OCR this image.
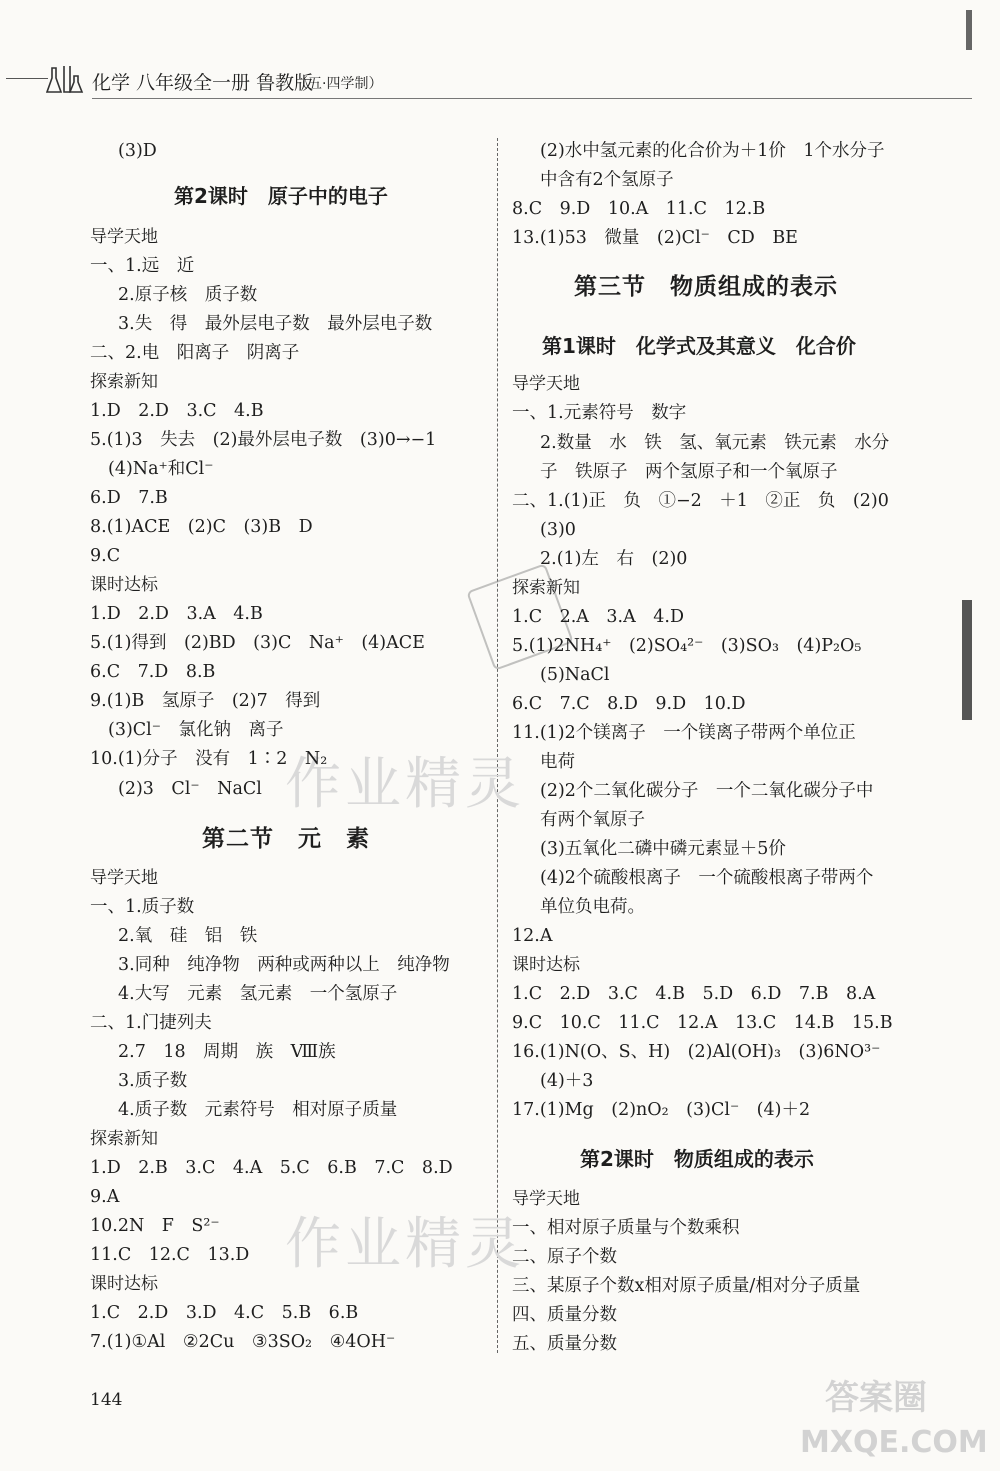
化学 八年级全一册 鲁教版
（五·四学制）
作业精灵
作业精灵
答案圈
MXQE.COM
(3)D
第2课时　原子中的电子
导学天地
一、1.远　近
2.原子核　质子数
3.失　得　最外层电子数　最外层电子数
二、2.电　阳离子　阴离子
探索新知
1.D　2.D　3.C　4.B
5.(1)3　失去　(2)最外层电子数　(3)0→−1
(4)Na⁺和Cl⁻
6.D　7.B
8.(1)ACE　(2)C　(3)B　D
9.C
课时达标
1.D　2.D　3.A　4.B
5.(1)得到　(2)BD　(3)C　Na⁺　(4)ACE
6.C　7.D　8.B
9.(1)B　氢原子　(2)7　得到
(3)Cl⁻　氯化钠　离子
10.(1)分子　没有　1∶2　N₂
(2)3　Cl⁻　NaCl
第二节　元　素
导学天地
一、1.质子数
2.氧　硅　铝　铁
3.同种　纯净物　两种或两种以上　纯净物
4.大写　元素　氢元素　一个氢原子
二、1.门捷列夫
2.7　18　周期　族　Ⅷ族
3.质子数
4.质子数　元素符号　相对原子质量
探索新知
1.D　2.B　3.C　4.A　5.C　6.B　7.C　8.D
9.A
10.2N　F　S²⁻
11.C　12.C　13.D
课时达标
1.C　2.D　3.D　4.C　5.B　6.B
7.(1)①Al　②2Cu　③3SO₂　④4OH⁻
(2)水中氢元素的化合价为＋1价　1个水分子
中含有2个氢原子
8.C　9.D　10.A　11.C　12.B
13.(1)53　微量　(2)Cl⁻　CD　BE
第三节　物质组成的表示
第1课时　化学式及其意义　化合价
导学天地
一、1.元素符号　数字
2.数量　水　铁　氢、氧元素　铁元素　水分
子　铁原子　两个氢原子和一个氧原子
二、1.(1)正　负　①−2　＋1　②正　负　(2)0
(3)0
2.(1)左　右　(2)0
探索新知
1.C　2.A　3.A　4.D
5.(1)2NH₄⁺　(2)SO₄²⁻　(3)SO₃　(4)P₂O₅
(5)NaCl
6.C　7.C　8.D　9.D　10.D
11.(1)2个镁离子　一个镁离子带两个单位正
电荷
(2)2个二氧化碳分子　一个二氧化碳分子中
有两个氧原子
(3)五氧化二磷中磷元素显＋5价
(4)2个硫酸根离子　一个硫酸根离子带两个
单位负电荷。
12.A
课时达标
1.C　2.D　3.C　4.B　5.D　6.D　7.B　8.A
9.C　10.C　11.C　12.A　13.C　14.B　15.B
16.(1)N(O、S、H)　(2)Al(OH)₃　(3)6NO³⁻
(4)＋3
17.(1)Mg　(2)nO₂　(3)Cl⁻　(4)＋2
第2课时　物质组成的表示
导学天地
一、相对原子质量与个数乘积
二、原子个数
三、某原子个数x相对原子质量/相对分子质量
四、质量分数
五、质量分数
144
